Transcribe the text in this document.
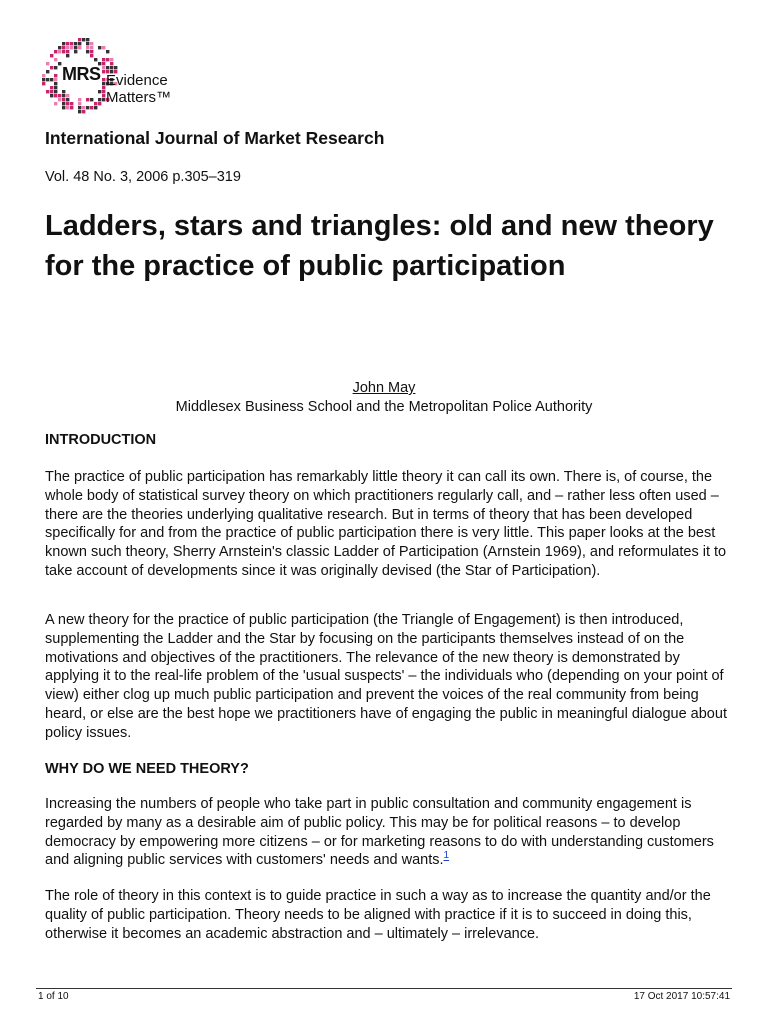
MRS Evidence
Matters™
International Journal of Market Research
Vol. 48 No. 3, 2006 p.305–319
Ladders, stars and triangles: old and new theory for the practice of public participation
John May
Middlesex Business School and the Metropolitan Police Authority
INTRODUCTION

The practice of public participation has remarkably little theory it can call its own. There is, of course, the whole body of statistical survey theory on which practitioners regularly call, and – rather less often used – there are the theories underlying qualitative research. But in terms of theory that has been developed specifically for and from the practice of public participation there is very little. This paper looks at the best known such theory, Sherry Arnstein's classic Ladder of Participation (Arnstein 1969), and reformulates it to take account of developments since it was originally devised (the Star of Participation).

A new theory for the practice of public participation (the Triangle of Engagement) is then introduced, supplementing the Ladder and the Star by focusing on the participants themselves instead of on the motivations and objectives of the practitioners. The relevance of the new theory is demonstrated by applying it to the real-life problem of the 'usual suspects' – the individuals who (depending on your point of view) either clog up much public participation and prevent the voices of the real community from being heard, or else are the best hope we practitioners have of engaging the public in meaningful dialogue about policy issues.

WHY DO WE NEED THEORY?

Increasing the numbers of people who take part in public consultation and community engagement is regarded by many as a desirable aim of public policy. This may be for political reasons – to develop democracy by empowering more citizens – or for marketing reasons to do with understanding customers and aligning public services with customers' needs and wants.$^1$

The role of theory in this context is to guide practice in such a way as to increase the quantity and/or the quality of public participation. Theory needs to be aligned with practice if it is to succeed in doing this, otherwise it becomes an academic abstraction and – ultimately – irrelevance.

1 of 10	17 Oct 2017 10:57:41
